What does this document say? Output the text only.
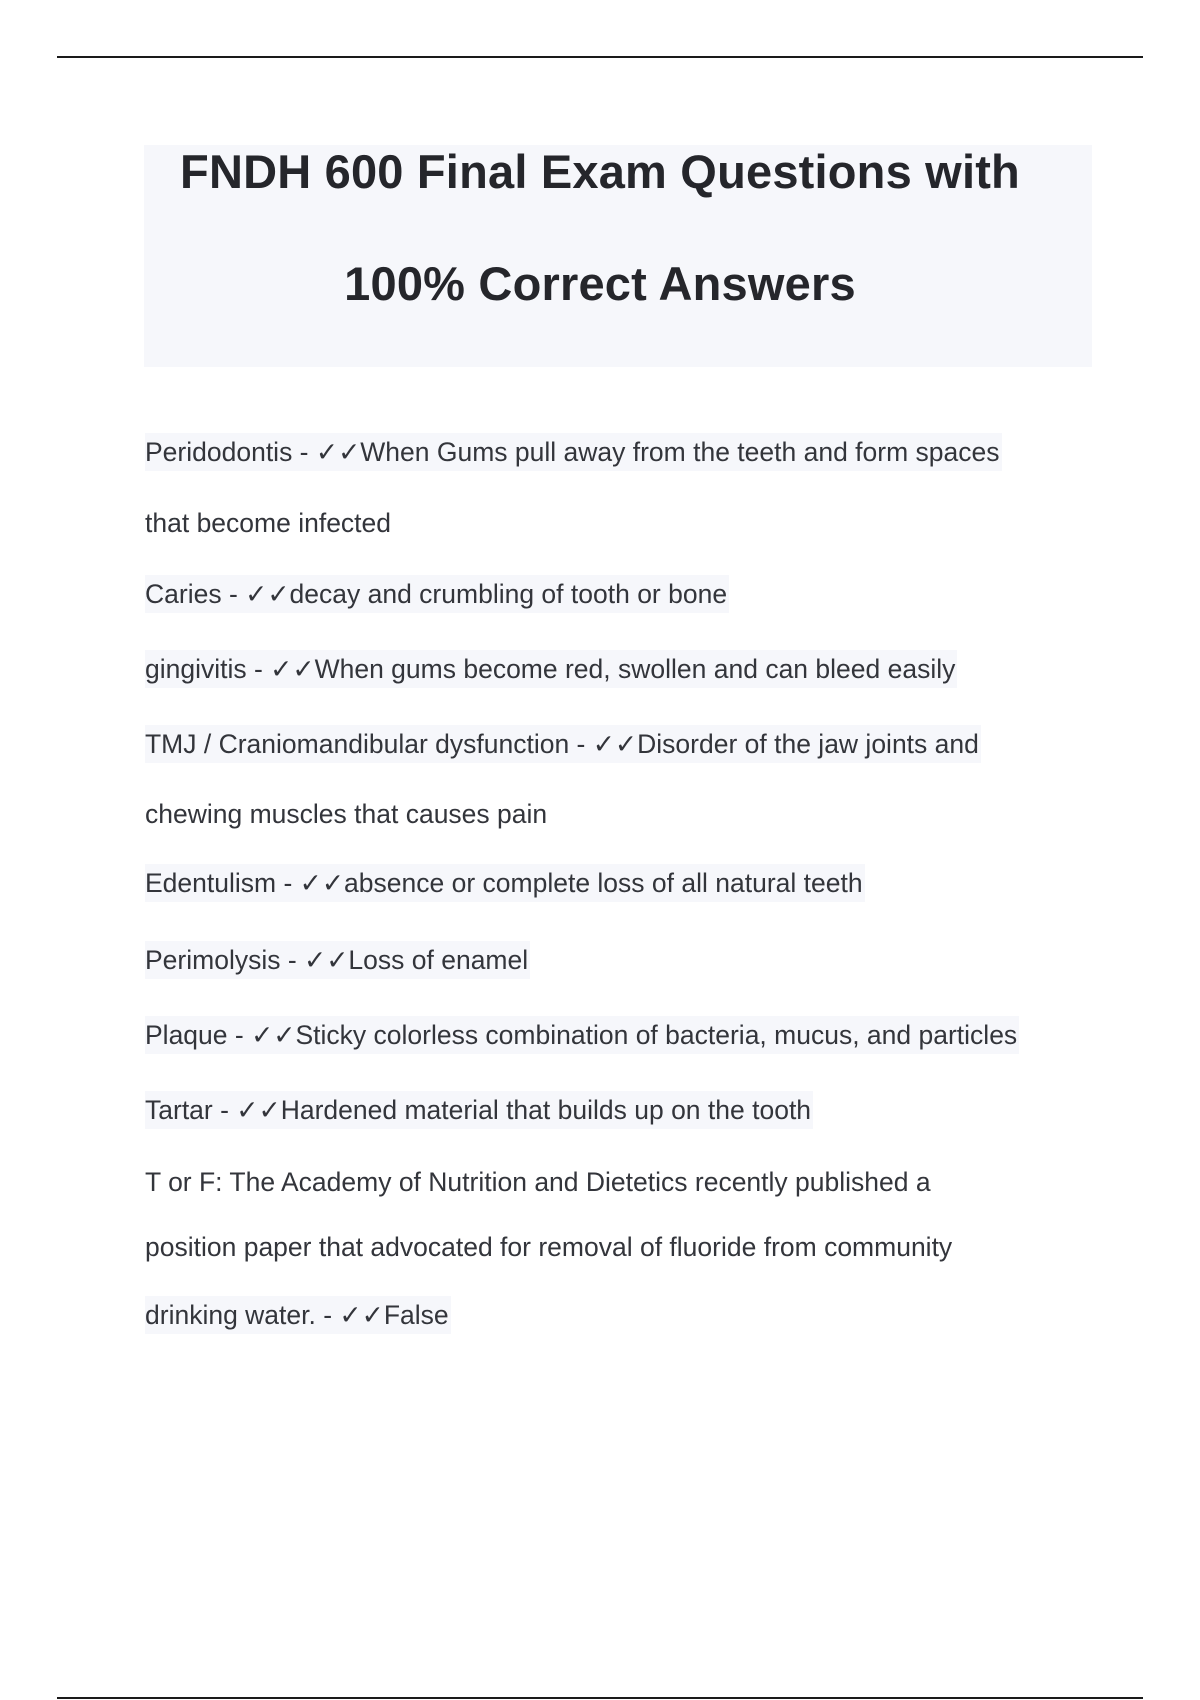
FNDH 600 Final Exam Questions with
100% Correct Answers
Peridodontis - ✓✓When Gums pull away from the teeth and form spaces
that become infected
Caries - ✓✓decay and crumbling of tooth or bone
gingivitis - ✓✓When gums become red, swollen and can bleed easily
TMJ / Craniomandibular dysfunction - ✓✓Disorder of the jaw joints and
chewing muscles that causes pain
Edentulism - ✓✓absence or complete loss of all natural teeth
Perimolysis - ✓✓Loss of enamel
Plaque - ✓✓Sticky colorless combination of bacteria, mucus, and particles
Tartar - ✓✓Hardened material that builds up on the tooth
T or F: The Academy of Nutrition and Dietetics recently published a
position paper that advocated for removal of fluoride from community
drinking water. - ✓✓False
